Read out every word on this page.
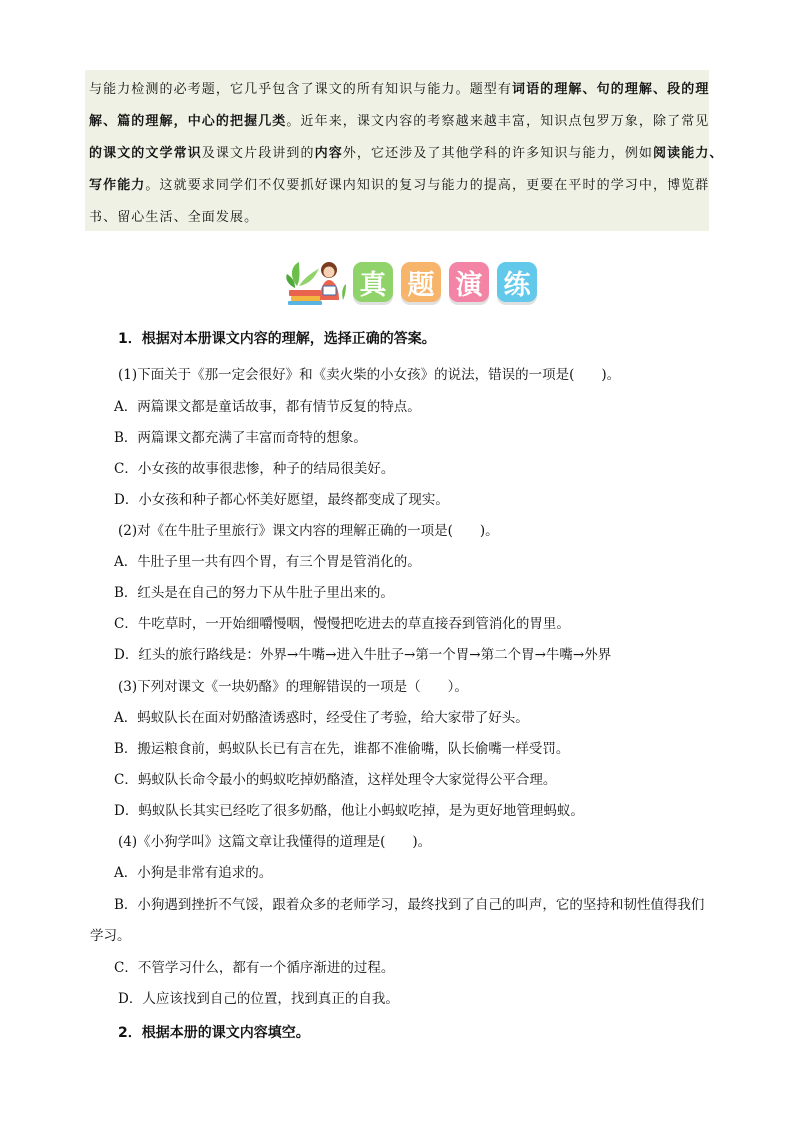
与能力检测的必考题，它几乎包含了课文的所有知识与能力。题型有词语的理解、句的理解、段的理
解、篇的理解，中心的把握几类。近年来，课文内容的考察越来越丰富，知识点包罗万象，除了常见
的课文的文学常识及课文片段讲到的内容外，它还涉及了其他学科的许多知识与能力，例如阅读能力、
写作能力。这就要求同学们不仅要抓好课内知识的复习与能力的提高，更要在平时的学习中，博览群
书、留心生活、全面发展。
真 题 演 练
1．根据对本册课文内容的理解，选择正确的答案。
(1)下面关于《那一定会很好》和《卖火柴的小女孩》的说法，错误的一项是(　　)。
A．两篇课文都是童话故事，都有情节反复的特点。
B．两篇课文都充满了丰富而奇特的想象。
C．小女孩的故事很悲惨，种子的结局很美好。
D．小女孩和种子都心怀美好愿望，最终都变成了现实。
(2)对《在牛肚子里旅行》课文内容的理解正确的一项是(　　)。
A．牛肚子里一共有四个胃，有三个胃是管消化的。
B．红头是在自己的努力下从牛肚子里出来的。
C．牛吃草时，一开始细嚼慢咽，慢慢把吃进去的草直接吞到管消化的胃里。
D．红头的旅行路线是：外界→牛嘴→进入牛肚子→第一个胃→第二个胃→牛嘴→外界
(3)下列对课文《一块奶酪》的理解错误的一项是（　　）。
A．蚂蚁队长在面对奶酪渣诱惑时，经受住了考验，给大家带了好头。
B．搬运粮食前，蚂蚁队长已有言在先，谁都不准偷嘴，队长偷嘴一样受罚。
C．蚂蚁队长命令最小的蚂蚁吃掉奶酪渣，这样处理令大家觉得公平合理。
D．蚂蚁队长其实已经吃了很多奶酪，他让小蚂蚁吃掉，是为更好地管理蚂蚁。
(4)《小狗学叫》这篇文章让我懂得的道理是(　　)。
A．小狗是非常有追求的。
B．小狗遇到挫折不气馁，跟着众多的老师学习，最终找到了自己的叫声，它的坚持和韧性值得我们
学习。
C．不管学习什么，都有一个循序渐进的过程。
D．人应该找到自己的位置，找到真正的自我。
2．根据本册的课文内容填空。
